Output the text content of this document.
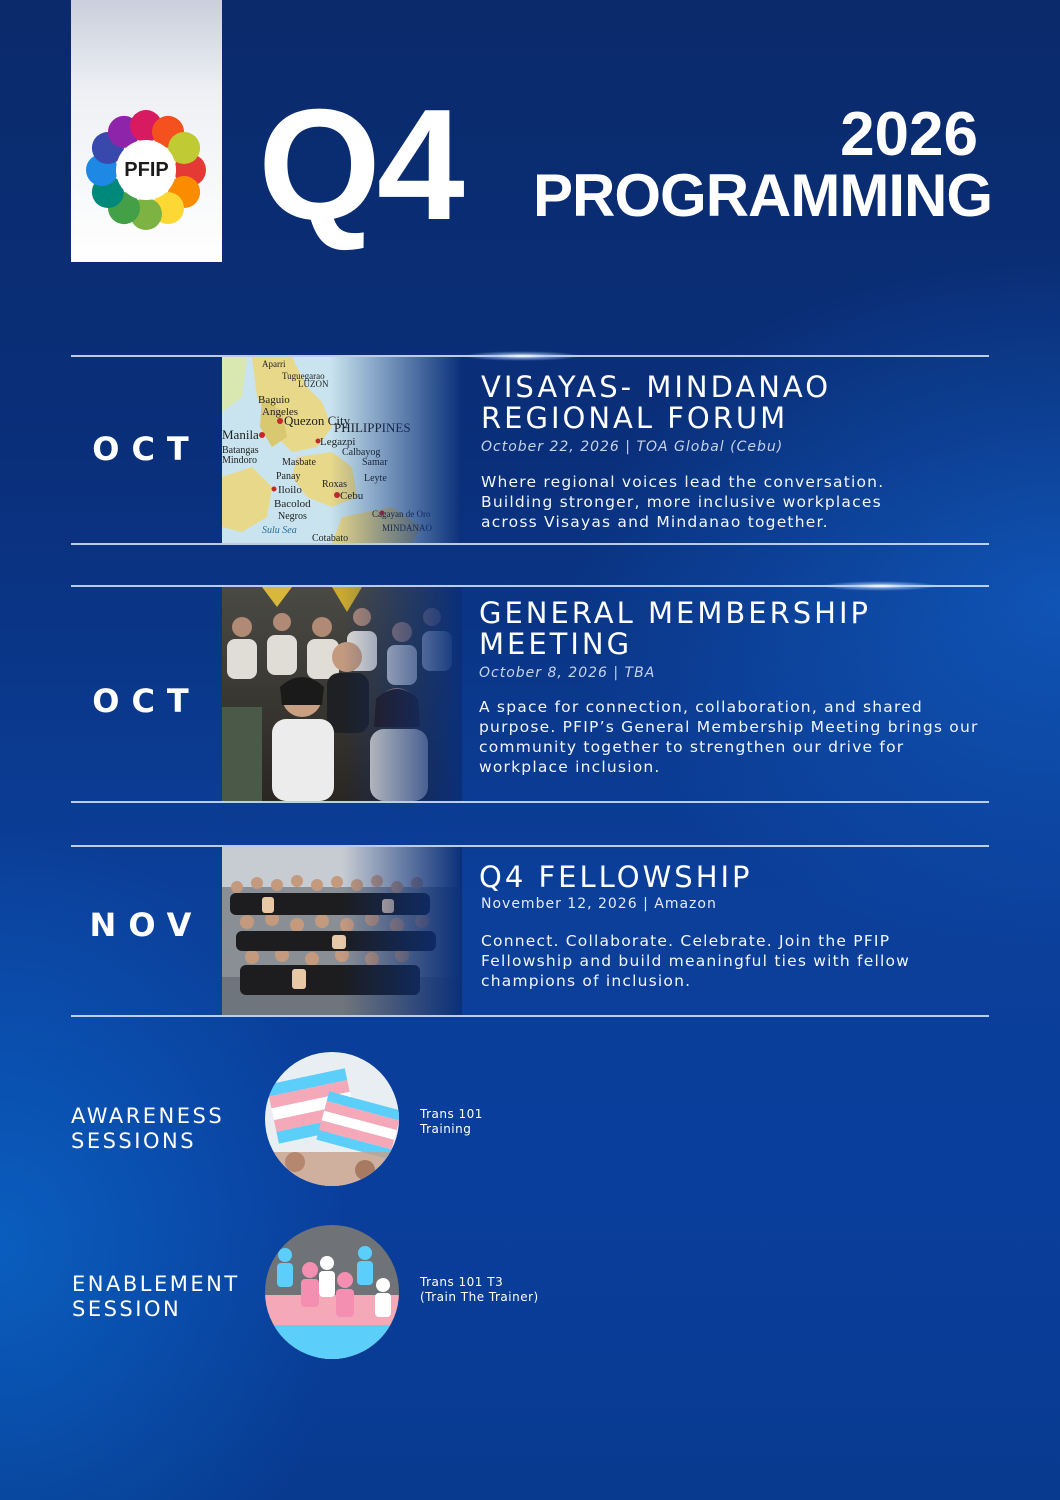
PFIP Q4	2026
PROGRAMMING
OCT
VISAYAS- MINDANAO
REGIONAL FORUM
October 22, 2026 | TOA Global (Cebu)
Where regional voices lead the conversation.
Building stronger, more inclusive workplaces
across Visayas and Mindanao together.
OCT
GENERAL MEMBERSHIP
MEETING
October 8, 2026 | TBA
A space for connection, collaboration, and shared
purpose. PFIP’s General Membership Meeting brings our
community together to strengthen our drive for
workplace inclusion.
NOV
Q4 FELLOWSHIP
November 12, 2026 | Amazon
Connect. Collaborate. Celebrate. Join the PFIP
Fellowship and build meaningful ties with fellow
champions of inclusion.
AWARENESS
SESSIONS
Trans 101
Training
ENABLEMENT
SESSION
Trans 101 T3
(Train The Trainer)
